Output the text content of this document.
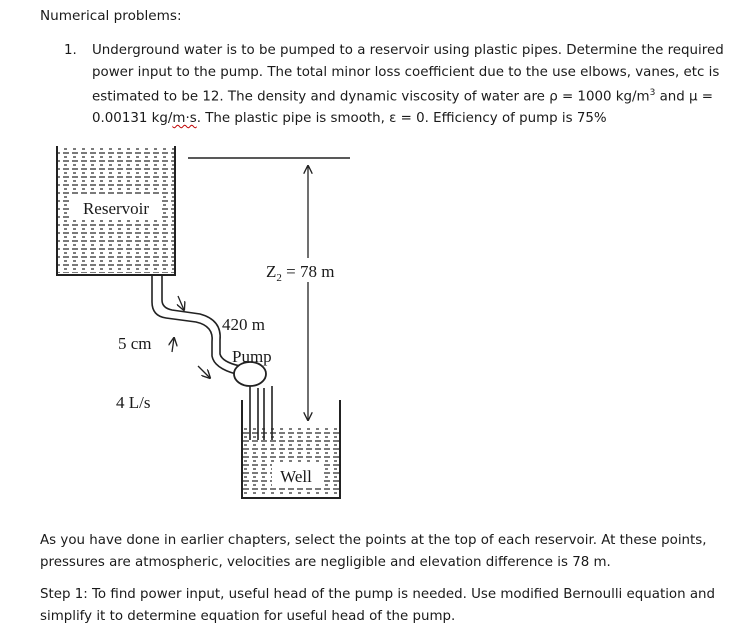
Numerical problems:
1. Underground water is to be pumped to a reservoir using plastic pipes. Determine the required power input to the pump. The total minor loss coefficient due to the use elbows, vanes, etc is estimated to be 12. The density and dynamic viscosity of water are ρ = 1000 $kg/m^3$ and μ = 0.00131 kg/m·s. The plastic pipe is smooth, ε = 0. Efficiency of pump is 75%
Reservoir
$Z_2 = 78$ m
Pump
420 m
5 cm
4 L/s
Well
As you have done in earlier chapters, select the points at the top of each reservoir. At these points, pressures are atmospheric, velocities are negligible and elevation difference is 78 m.
Step 1: To find power input, useful head of the pump is needed. Use modified Bernoulli equation and simplify it to determine equation for useful head of the pump.
